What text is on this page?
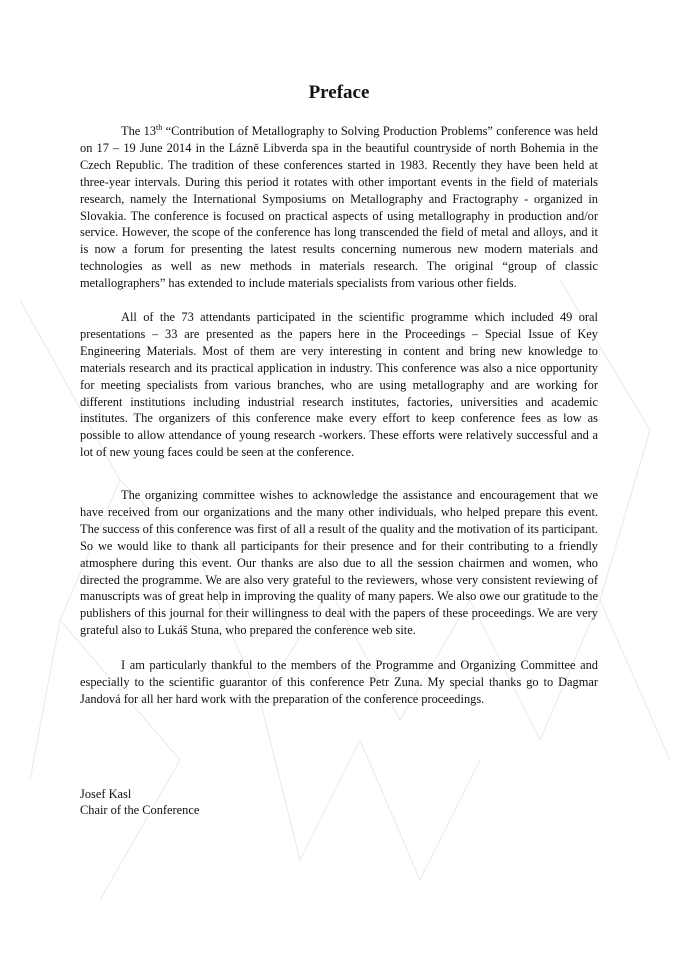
Preface

The 13th “Contribution of Metallography to Solving Production Problems” conference was held on 17 – 19 June 2014 in the Lázně Libverda spa in the beautiful countryside of north Bohemia in the Czech Republic. The tradition of these conferences started in 1983. Recently they have been held at three-year intervals. During this period it rotates with other important events in the field of materials research, namely the International Symposiums on Metallography and Fractography - organized in Slovakia. The conference is focused on practical aspects of using metallography in production and/or service. However, the scope of the conference has long transcended the field of metal and alloys, and it is now a forum for presenting the latest results concerning numerous new modern materials and technologies as well as new methods in materials research. The original “group of classic metallographers” has extended to include materials specialists from various other fields.

All of the 73 attendants participated in the scientific programme which included 49 oral presentations – 33 are presented as the papers here in the Proceedings – Special Issue of Key Engineering Materials. Most of them are very interesting in content and bring new knowledge to materials research and its practical application in industry. This conference was also a nice opportunity for meeting specialists from various branches, who are using metallography and are working for different institutions including industrial research institutes, factories, universities and academic institutes. The organizers of this conference make every effort to keep conference fees as low as possible to allow attendance of young research -workers. These efforts were relatively successful and a lot of new young faces could be seen at the conference.

The organizing committee wishes to acknowledge the assistance and encouragement that we have received from our organizations and the many other individuals, who helped prepare this event. The success of this conference was first of all a result of the quality and the motivation of its participant. So we would like to thank all participants for their presence and for their contributing to a friendly atmosphere during this event. Our thanks are also due to all the session chairmen and women, who directed the programme. We are also very grateful to the reviewers, whose very consistent reviewing of manuscripts was of great help in improving the quality of many papers. We also owe our gratitude to the publishers of this journal for their willingness to deal with the papers of these proceedings. We are very grateful also to Lukáš Stuna, who prepared the conference web site.

I am particularly thankful to the members of the Programme and Organizing Committee and especially to the scientific guarantor of this conference Petr Zuna. My special thanks go to Dagmar Jandová for all her hard work with the preparation of the conference proceedings.

Josef Kasl

Chair of the Conference
